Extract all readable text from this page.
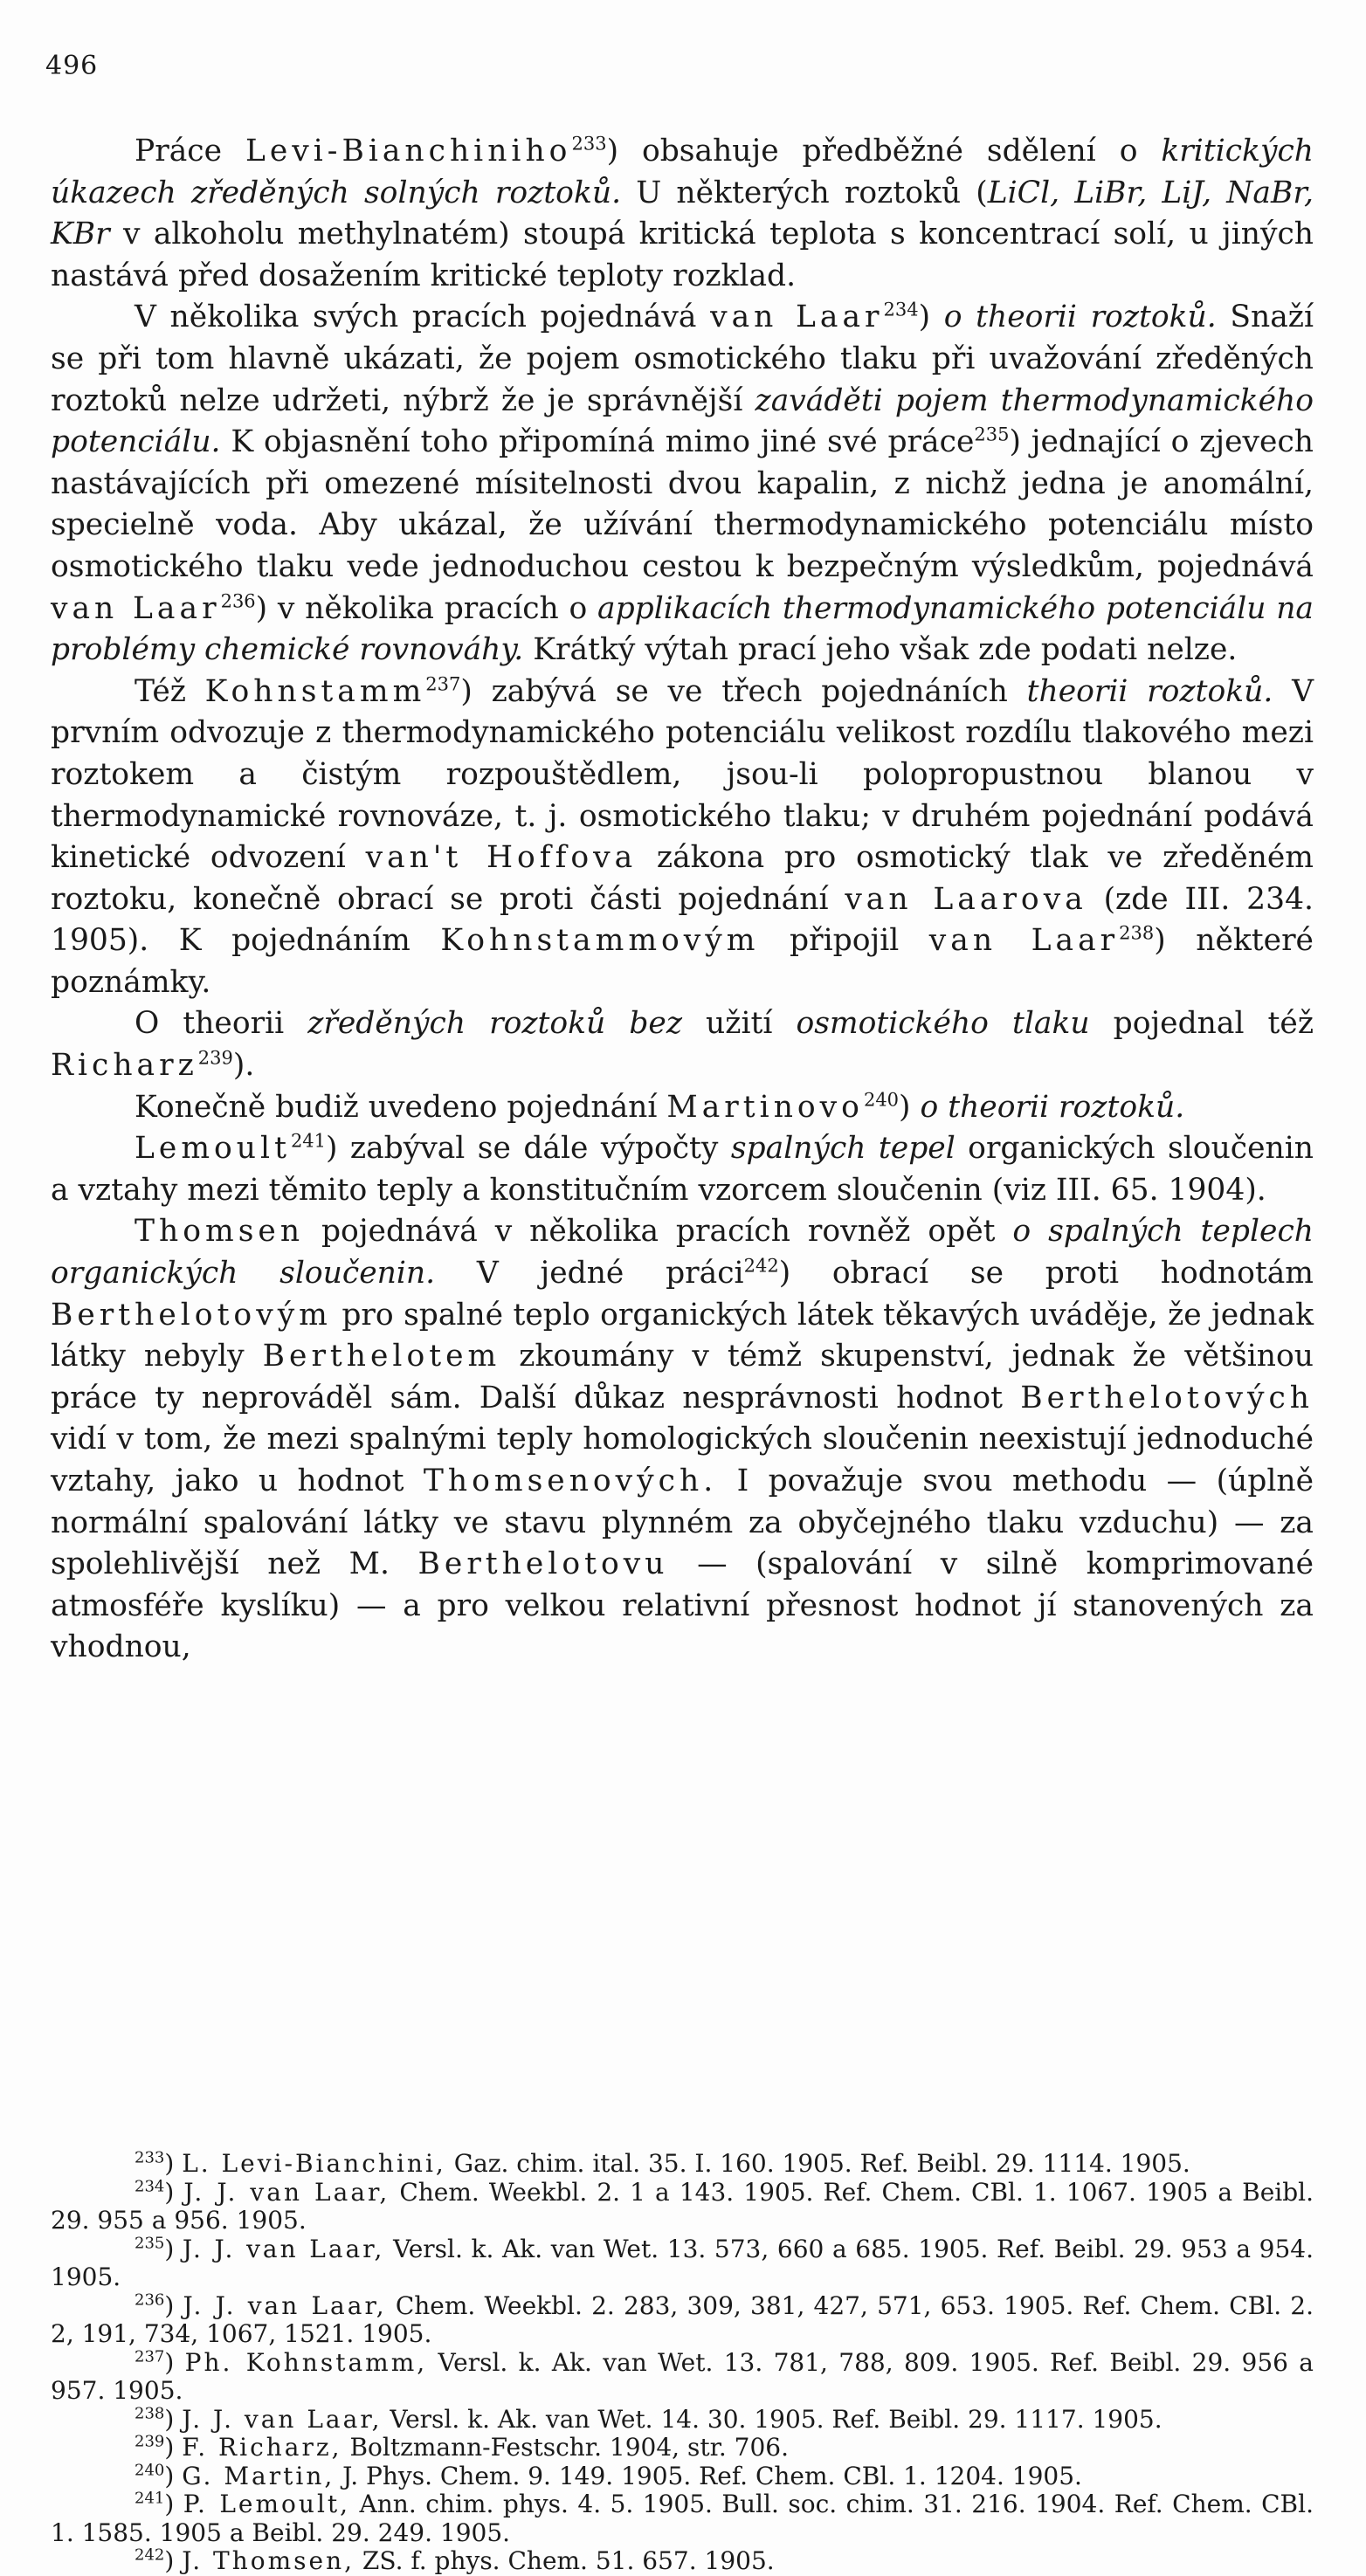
496

Práce Levi-Bianchiniho$^{233}$) obsahuje předběžné sdělení o kritických úkazech zředěných solných roztoků. U některých roztoků (LiCl, LiBr, LiJ, NaBr, KBr v alkoholu methylnatém) stoupá kritická teplota s koncentrací solí, u jiných nastává před dosažením kritické teploty rozklad.

V několika svých pracích pojednává van Laar$^{234}$) o theorii roztoků. Snaží se při tom hlavně ukázati, že pojem osmotického tlaku při uvažování zředěných roztoků nelze udržeti, nýbrž že je správnější zaváděti pojem thermodynamického potenciálu. K objasnění toho připomíná mimo jiné své práce$^{235}$) jednající o zjevech nastávajících při omezené mísitelnosti dvou kapalin, z nichž jedna je anomální, specielně voda. Aby ukázal, že užívání thermodynamického potenciálu místo osmotického tlaku vede jednoduchou cestou k bezpečným výsledkům, pojednává van Laar$^{236}$) v několika pracích o applikacích thermodynamického potenciálu na problémy chemické rovnováhy. Krátký výtah prací jeho však zde podati nelze.

Též Kohnstamm$^{237}$) zabývá se ve třech pojednáních theorii roztoků. V prvním odvozuje z thermodynamického potenciálu velikost rozdílu tlakového mezi roztokem a čistým rozpouštědlem, jsou-li polopropustnou blanou v thermodynamické rovnováze, t. j. osmotického tlaku; v druhém pojednání podává kinetické odvození van't Hoffova zákona pro osmotický tlak ve zředěném roztoku, konečně obrací se proti části pojednání van Laarova (zde III. 234. 1905). K pojednáním Kohnstammovým připojil van Laar$^{238}$) některé poznámky.

O theorii zředěných roztoků bez užití osmotického tlaku pojednal též Richarz$^{239}$).

Konečně budiž uvedeno pojednání Martinovo$^{240}$) o theorii roztoků.

Lemoult$^{241}$) zabýval se dále výpočty spalných tepel organických sloučenin a vztahy mezi těmito teply a konstitučním vzorcem sloučenin (viz III. 65. 1904).

Thomsen pojednává v několika pracích rovněž opět o spalných teplech organických sloučenin. V jedné práci$^{242}$) obrací se proti hodnotám Berthelotovým pro spalné teplo organických látek těkavých uváděje, že jednak látky nebyly Berthelotem zkoumány v témž skupenství, jednak že většinou práce ty neprováděl sám. Další důkaz nesprávnosti hodnot Berthelotových vidí v tom, že mezi spalnými teply homologických sloučenin neexistují jednoduché vztahy, jako u hodnot Thomsenových. I považuje svou methodu — (úplně normální spalování látky ve stavu plynném za obyčejného tlaku vzduchu) — za spolehlivější než M. Berthelotovu — (spalování v silně komprimované atmosféře kyslíku) — a pro velkou relativní přesnost hodnot jí stanovených za vhodnou,

$^{233}$) L. Levi-Bianchini, Gaz. chim. ital. 35. I. 160. 1905. Ref. Beibl. 29. 1114. 1905.

$^{234}$) J. J. van Laar, Chem. Weekbl. 2. 1 a 143. 1905. Ref. Chem. CBl. 1. 1067. 1905 a Beibl. 29. 955 a 956. 1905.

$^{235}$) J. J. van Laar, Versl. k. Ak. van Wet. 13. 573, 660 a 685. 1905. Ref. Beibl. 29. 953 a 954. 1905.

$^{236}$) J. J. van Laar, Chem. Weekbl. 2. 283, 309, 381, 427, 571, 653. 1905. Ref. Chem. CBl. 2. 2, 191, 734, 1067, 1521. 1905.

$^{237}$) Ph. Kohnstamm, Versl. k. Ak. van Wet. 13. 781, 788, 809. 1905. Ref. Beibl. 29. 956 a 957. 1905.

$^{238}$) J. J. van Laar, Versl. k. Ak. van Wet. 14. 30. 1905. Ref. Beibl. 29. 1117. 1905.

$^{239}$) F. Richarz, Boltzmann-Festschr. 1904, str. 706.

$^{240}$) G. Martin, J. Phys. Chem. 9. 149. 1905. Ref. Chem. CBl. 1. 1204. 1905.

$^{241}$) P. Lemoult, Ann. chim. phys. 4. 5. 1905. Bull. soc. chim. 31. 216. 1904. Ref. Chem. CBl. 1. 1585. 1905 a Beibl. 29. 249. 1905.

$^{242}$) J. Thomsen, ZS. f. phys. Chem. 51. 657. 1905.
